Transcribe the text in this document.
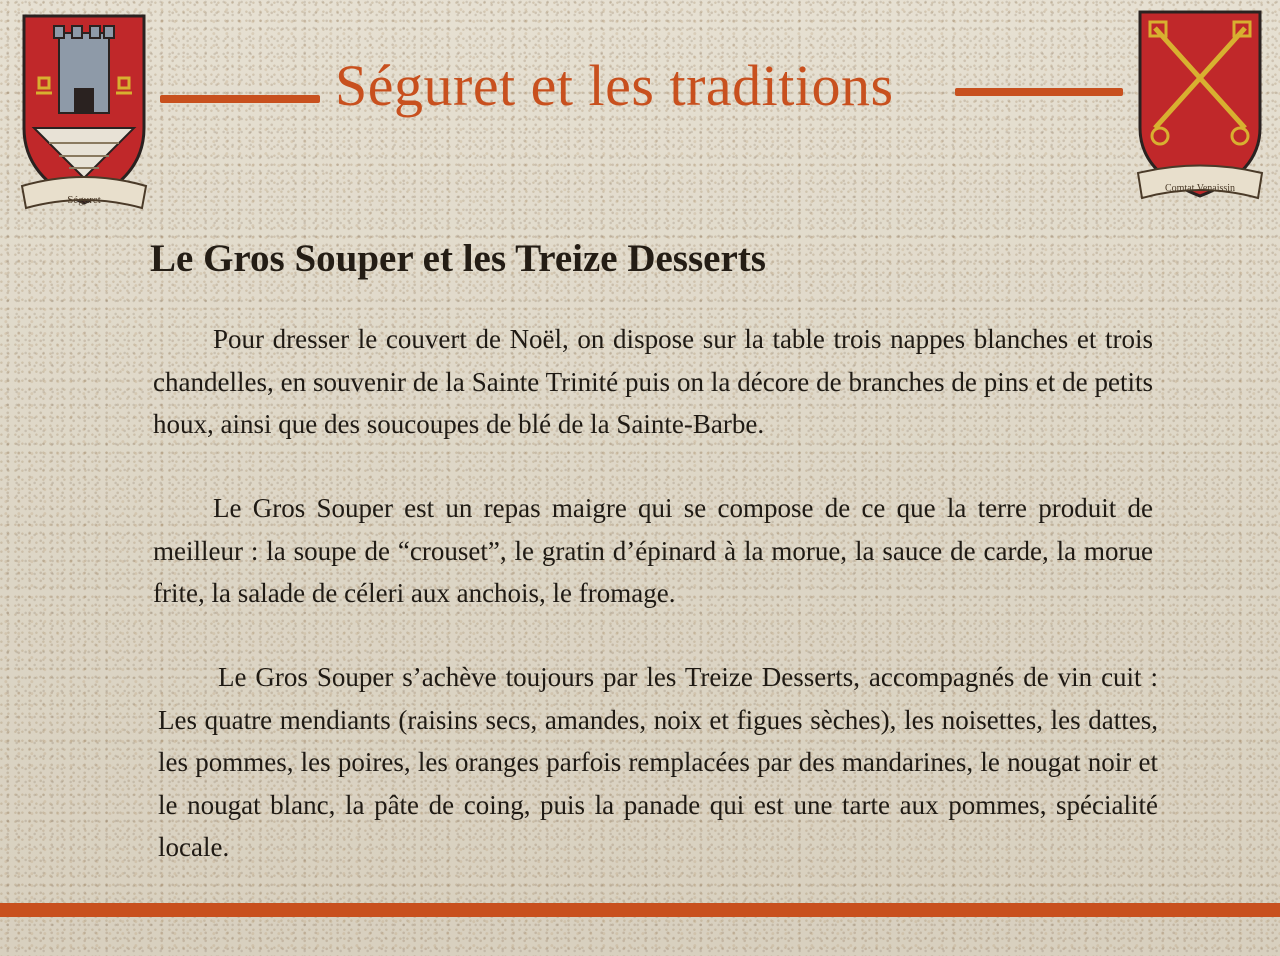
Séguret
Comtat Venaissin
Séguret et les traditions
Le Gros Souper et les Treize Desserts

Pour dresser le couvert de Noël, on dispose sur la table trois nappes blanches et trois chandelles, en souvenir de la Sainte Trinité puis on la décore de branches de pins et de petits houx, ainsi que des soucoupes de blé de la Sainte-Barbe.

Le Gros Souper est un repas maigre qui se compose de ce que la terre produit de meilleur : la soupe de “crouset”, le gratin d’épinard à la morue, la sauce de carde, la morue frite, la salade de céleri aux anchois, le fromage.

Le Gros Souper s’achève toujours par les Treize Desserts, accompagnés de vin cuit : Les quatre mendiants (raisins secs, amandes, noix et figues sèches), les noisettes, les dattes, les pommes, les poires, les oranges parfois remplacées par des mandarines, le nougat noir et le nougat blanc, la pâte de coing, puis la panade qui est une tarte aux pommes, spécialité locale.
